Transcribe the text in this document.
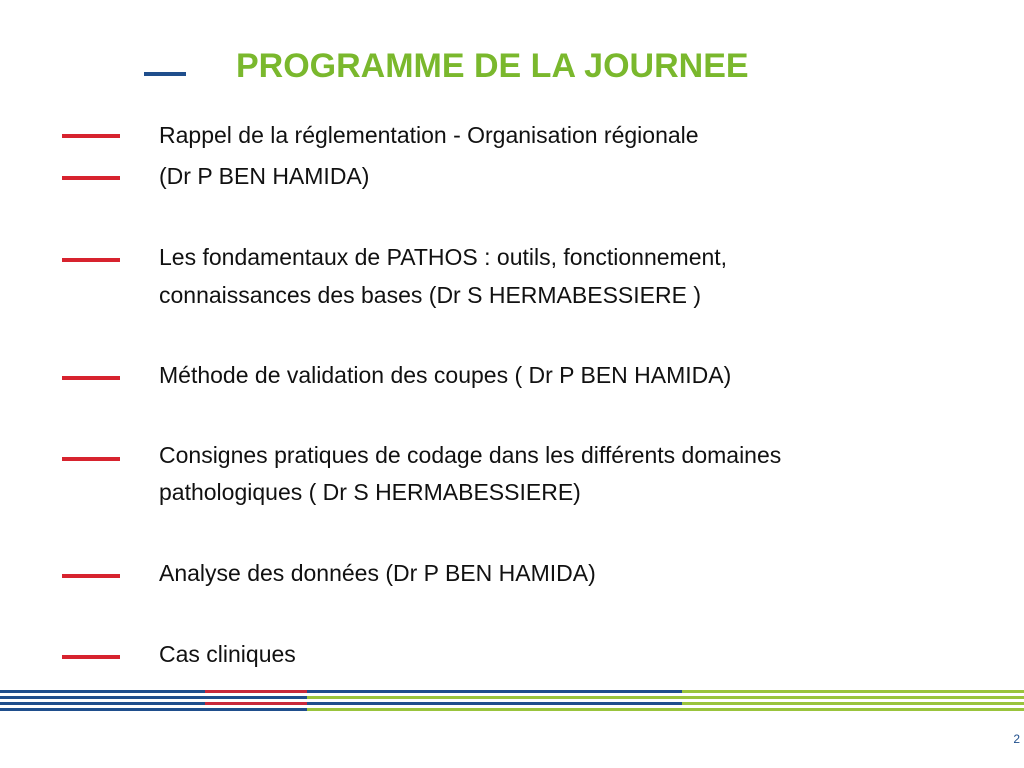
PROGRAMME DE LA JOURNEE

Rappel de la réglementation - Organisation régionale

(Dr P BEN HAMIDA)

Les fondamentaux de PATHOS : outils, fonctionnement,

connaissances des bases (Dr S HERMABESSIERE )

Méthode de validation des coupes ( Dr P BEN HAMIDA)

Consignes pratiques de codage dans les différents domaines

pathologiques ( Dr S HERMABESSIERE)

Analyse des données (Dr P BEN HAMIDA)

Cas cliniques

2
